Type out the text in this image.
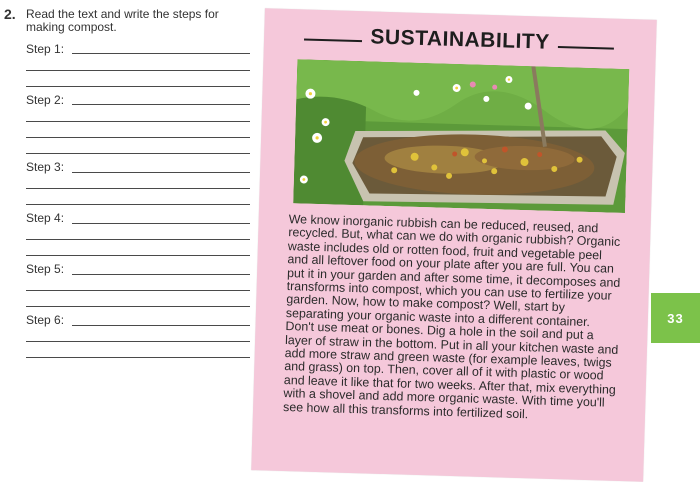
2. Read the text and write the steps for making compost.
Step 1:
Step 2:
Step 3:
Step 4:
Step 5:
Step 6:
SUSTAINABILITY
We know inorganic rubbish can be reduced, reused, and recycled. But, what can we do with organic rubbish? Organic waste includes old or rotten food, fruit and vegetable peel and all leftover food on your plate after you are full. You can put it in your garden and after some time, it decomposes and transforms into compost, which you can use to fertilize your garden. Now, how to make compost? Well, start by separating your organic waste into a different container. Don't use meat or bones. Dig a hole in the soil and put a layer of straw in the bottom. Put in all your kitchen waste and add more straw and green waste (for example leaves, twigs and grass) on top. Then, cover all of it with plastic or wood and leave it like that for two weeks. After that, mix everything with a shovel and add more organic waste. With time you'll see how all this transforms into fertilized soil.
33
